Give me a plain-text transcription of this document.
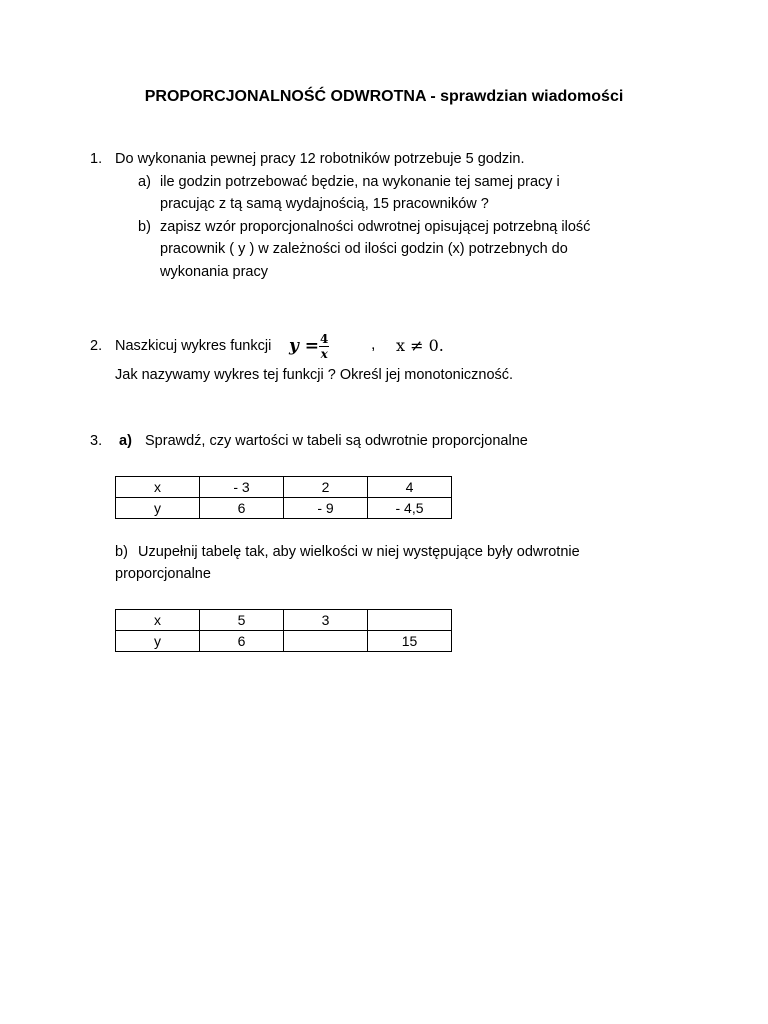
PROPORCJONALNOŚĆ ODWROTNA - sprawdzian wiadomości
1. Do wykonania pewnej pracy 12 robotników potrzebuje 5 godzin.
a) ile godzin potrzebować będzie, na wykonanie tej samej pracy i
pracując z tą samą wydajnością, 15 pracowników ?
b) zapisz wzór proporcjonalności odwrotnej opisującej potrzebną ilość
pracownik ( y ) w zależności od ilości godzin (x) potrzebnych do
wykonania pracy
2. Naszkicuj wykres funkcji $y = \frac{4}{x}$	, x ≠ 0.
Jak nazywamy wykres tej funkcji ? Określ jej monotoniczność.
3. a) Sprawdź, czy wartości w tabeli są odwrotnie proporcjonalne
x	- 3	2	4
y	6	- 9	- 4,5
b) Uzupełnij tabelę tak, aby wielkości w niej występujące były odwrotnie
proporcjonalne
x	5	3	
y	6		15
